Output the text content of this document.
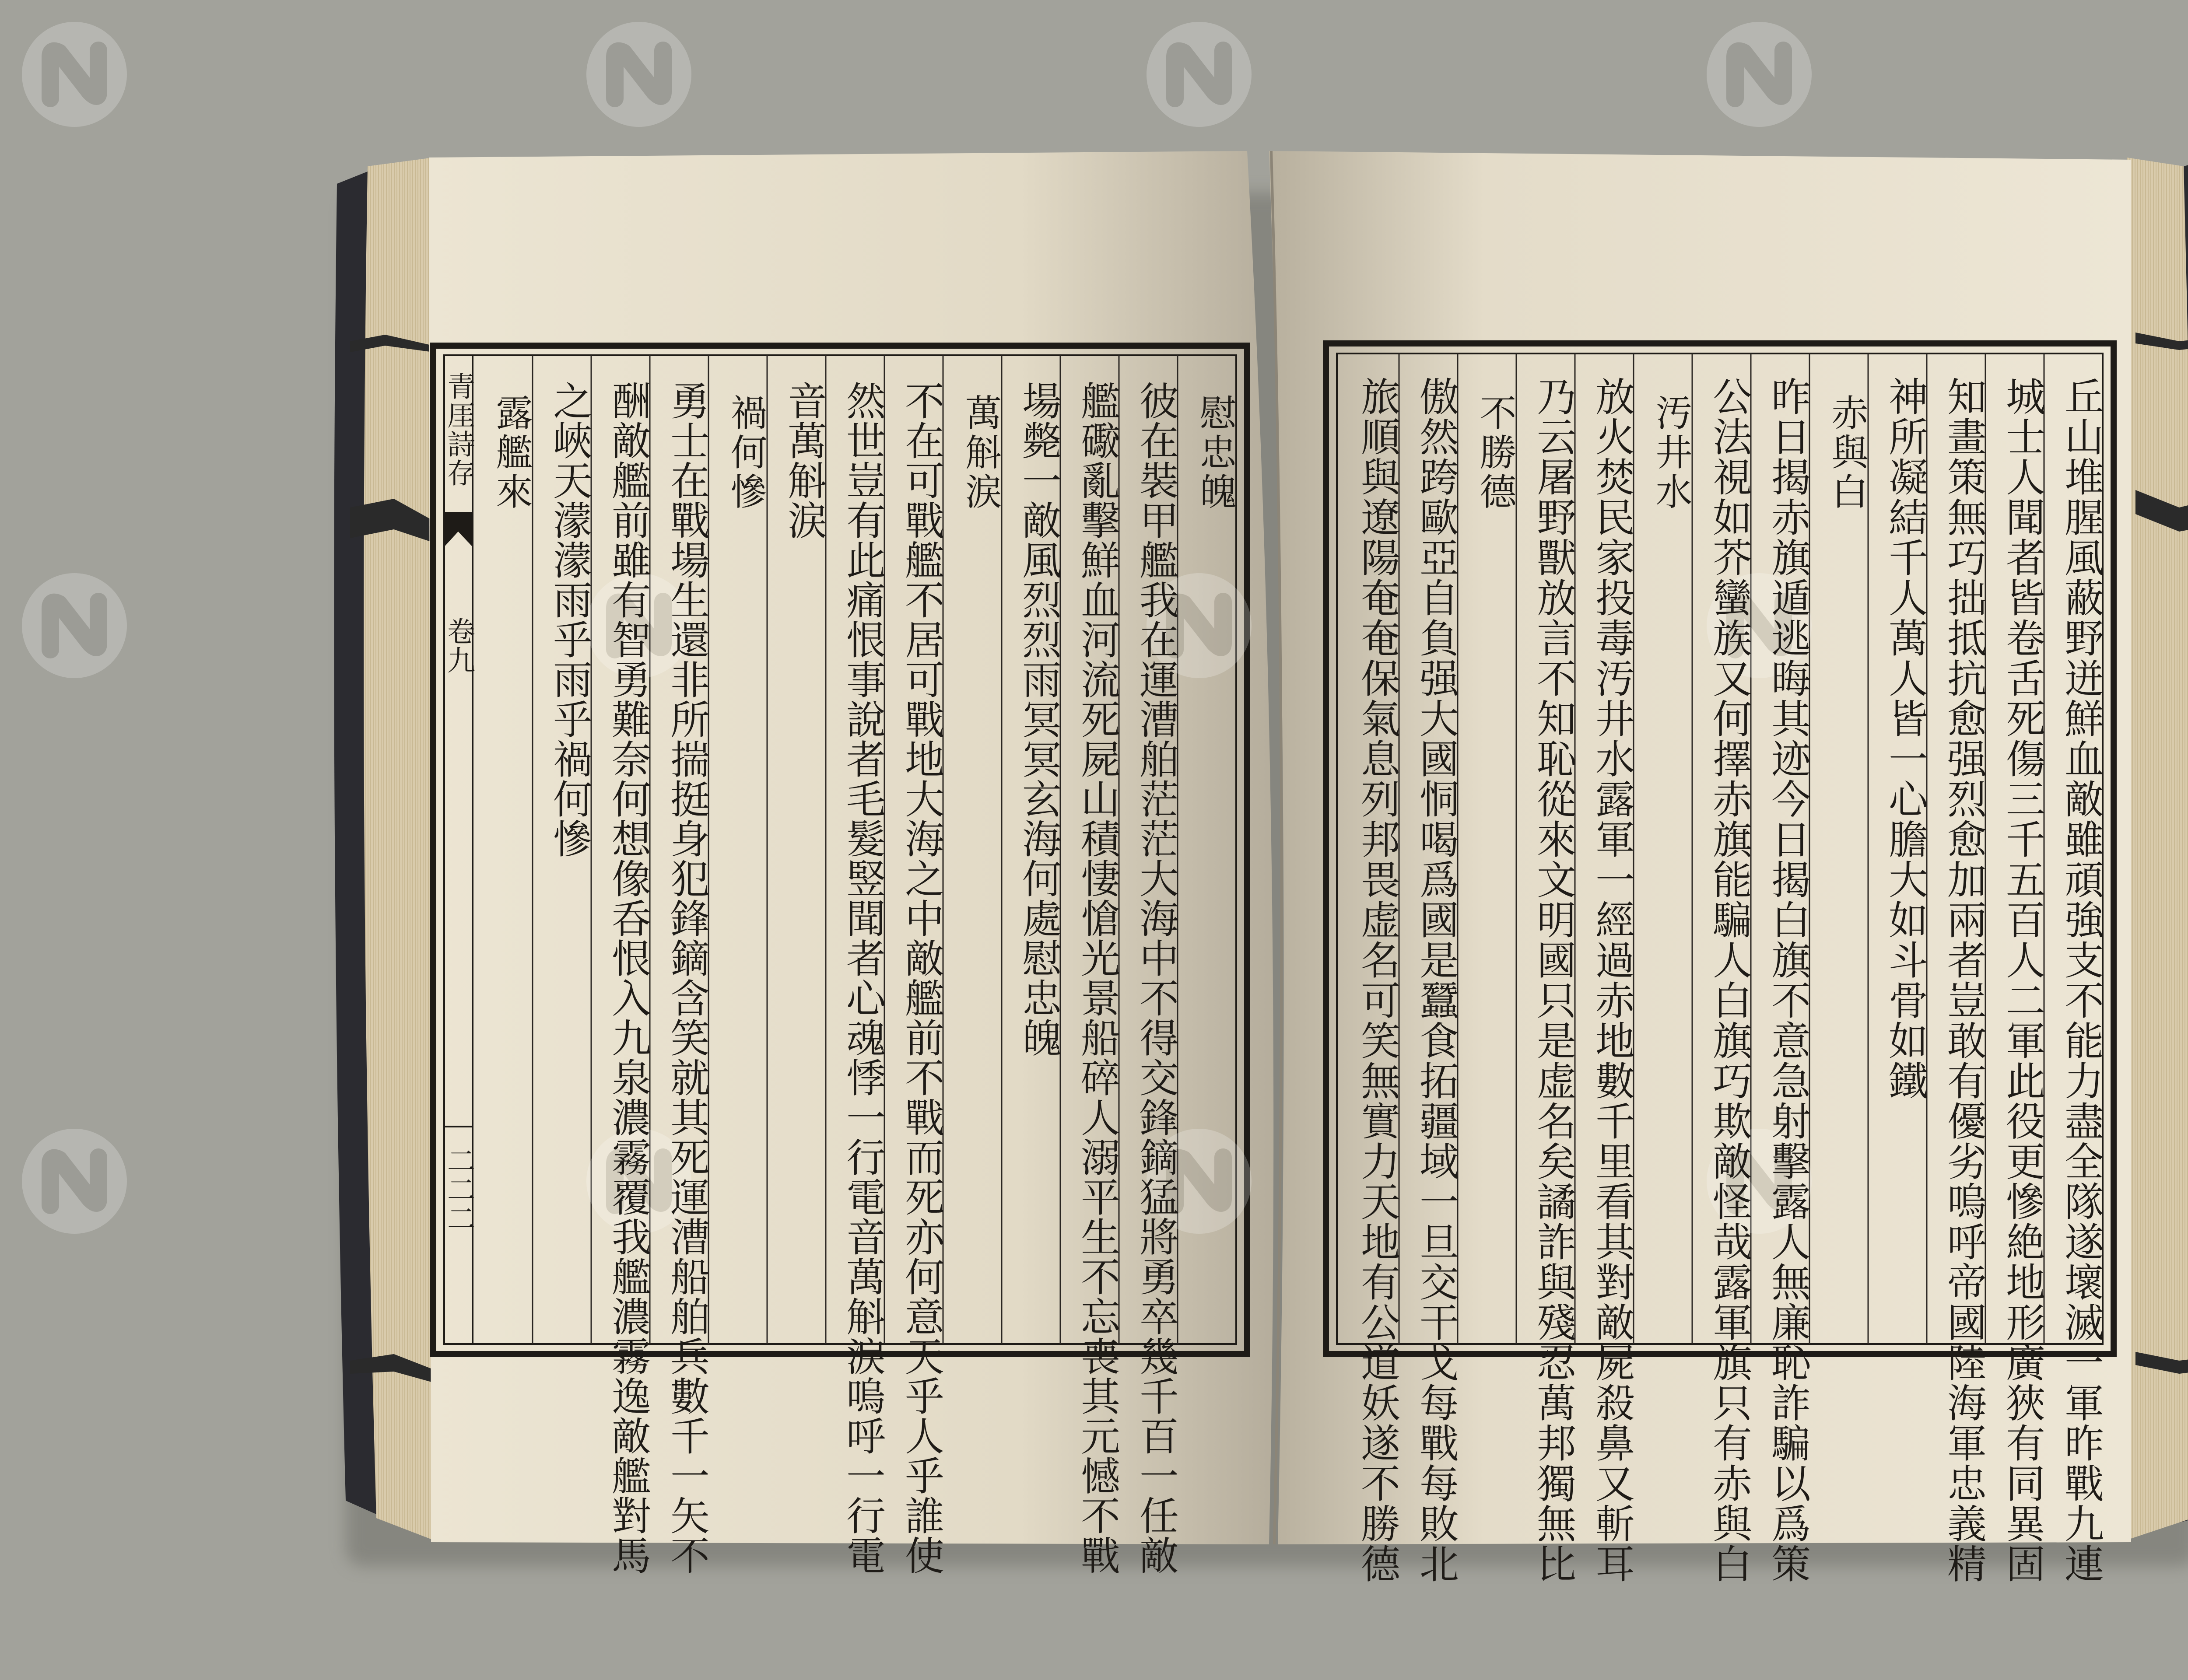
青厓詩存
卷九
二二二
慰忠魄
彼在裝甲艦我在運漕舶茫茫大海中不得交鋒鏑猛將勇卒幾千百一任敵
艦礮亂擊鮮血河流死屍山積悽愴光景船碎人溺平生不忘喪其元憾不戰
場斃一敵風烈烈雨冥冥玄海何處慰忠魄
萬斛涙
不在可戰艦不居可戰地大海之中敵艦前不戰而死亦何意天乎人乎誰使
然世豈有此痛恨事說者毛髮竪聞者心魂悸一行電音萬斛涙嗚呼一行電
音萬斛涙
禍何慘
勇士在戰場生還非所揣挺身犯鋒鏑含笑就其死運漕船舶兵數千一矢不
酬敵艦前雖有智勇難奈何想像呑恨入九泉濃霧覆我艦濃霧逸敵艦對馬
之峽天濛濛雨乎雨乎禍何慘
露艦來	丘山堆腥風蔽野迸鮮血敵雖頑強支不能力盡全隊遂壞滅一軍昨戰九連
城士人聞者皆卷舌死傷三千五百人二軍此役更慘絶地形廣狹有同異固
知畫策無巧拙抵抗愈强烈愈加兩者豈敢有優劣嗚呼帝國陸海軍忠義精
神所凝結千人萬人皆一心膽大如斗骨如鐵
赤與白
昨日揭赤旗遁逃晦其迹今日揭白旗不意急射擊露人無廉恥詐騙以爲策
公法視如芥蠻族又何擇赤旗能騙人白旗巧欺敵怪哉露軍旗只有赤與白
汚井水
放火焚民家投毒汚井水露軍一經過赤地數千里看其對敵屍殺鼻又斬耳
乃云屠野獸放言不知恥從來文明國只是虚名矣譎詐與殘忍萬邦獨無比
不勝德
傲然跨歐亞自負强大國恫喝爲國是蠶食拓疆域一旦交干戈每戰每敗北
旅順與遼陽奄奄保氣息列邦畏虚名可笑無實力天地有公道妖遂不勝德
